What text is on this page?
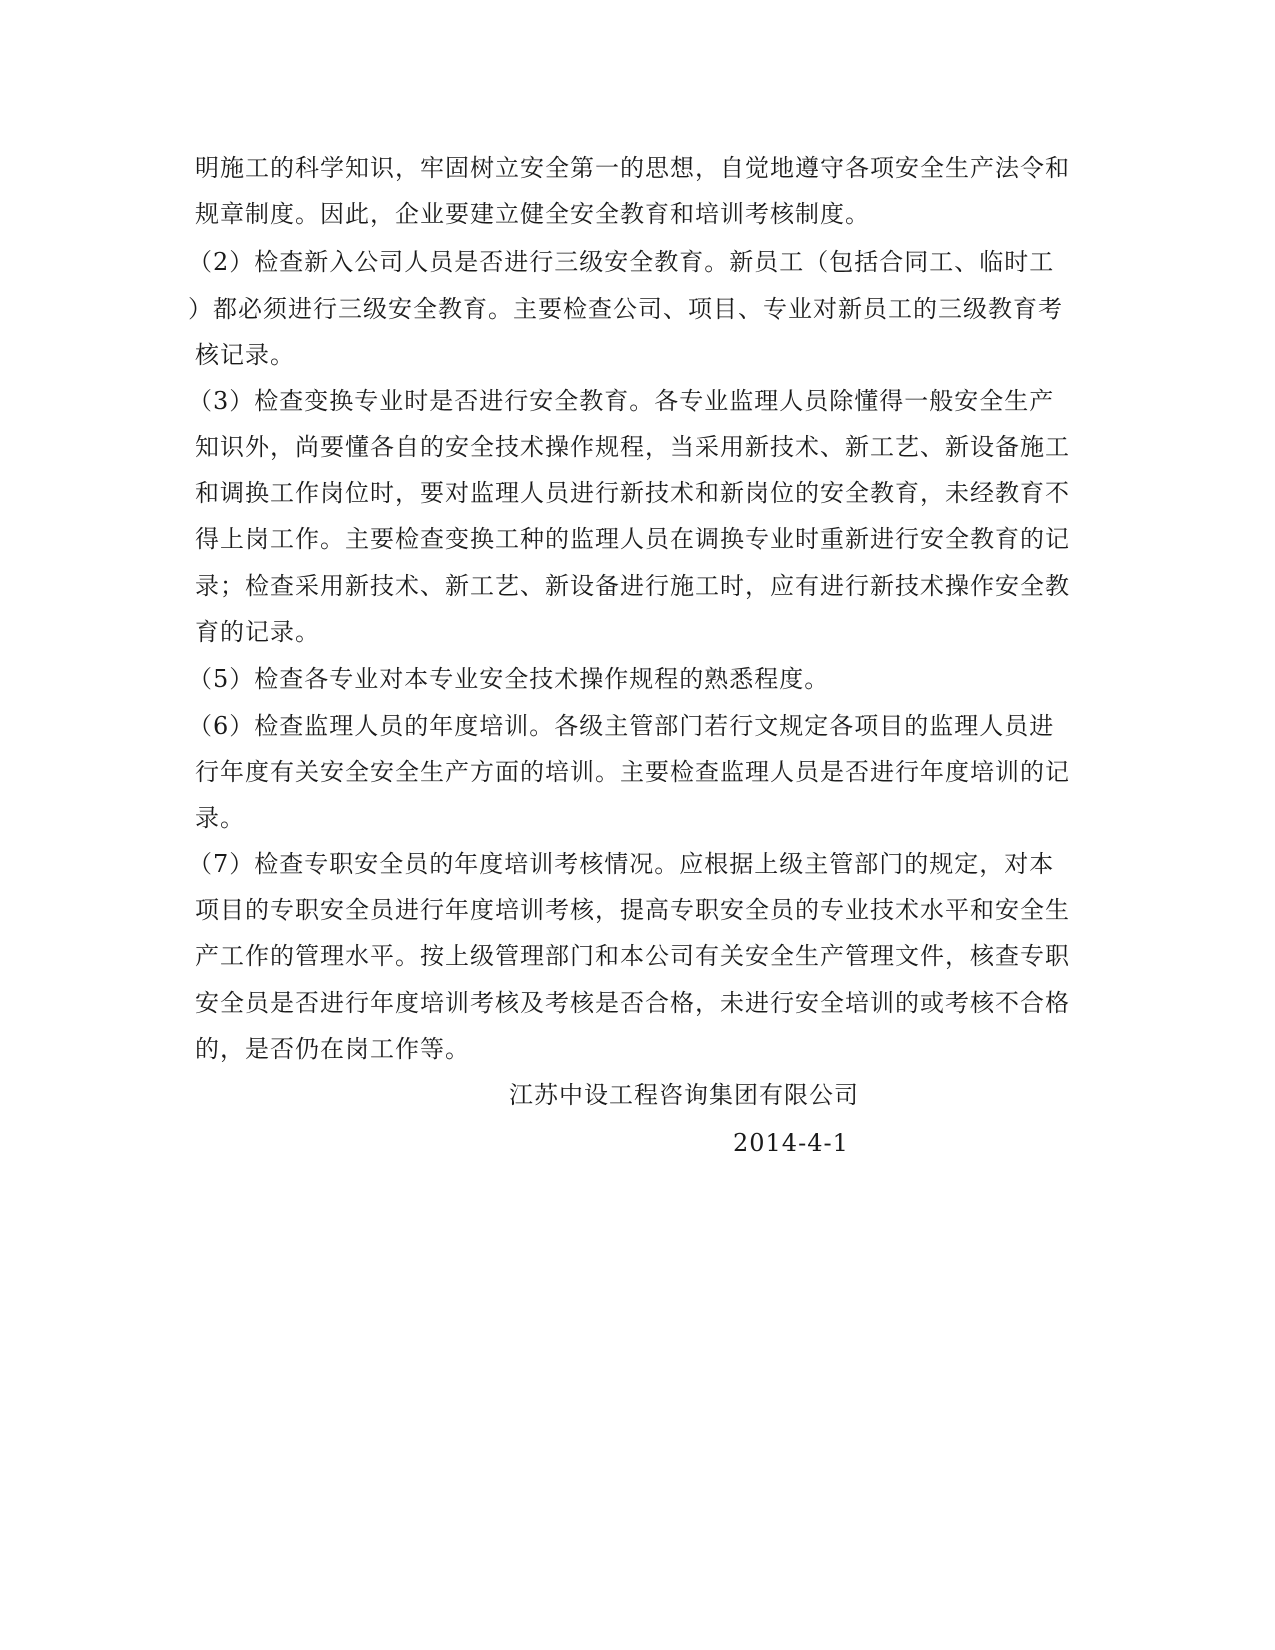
明施工的科学知识，牢固树立安全第一的思想，自觉地遵守各项安全生产法令和
规章制度。因此，企业要建立健全安全教育和培训考核制度。
（2）检查新入公司人员是否进行三级安全教育。新员工（包括合同工、临时工
）都必须进行三级安全教育。主要检查公司、项目、专业对新员工的三级教育考
核记录。
（3）检查变换专业时是否进行安全教育。各专业监理人员除懂得一般安全生产
知识外，尚要懂各自的安全技术操作规程，当采用新技术、新工艺、新设备施工
和调换工作岗位时，要对监理人员进行新技术和新岗位的安全教育，未经教育不
得上岗工作。主要检查变换工种的监理人员在调换专业时重新进行安全教育的记
录；检查采用新技术、新工艺、新设备进行施工时，应有进行新技术操作安全教
育的记录。
（5）检查各专业对本专业安全技术操作规程的熟悉程度。
（6）检查监理人员的年度培训。各级主管部门若行文规定各项目的监理人员进
行年度有关安全安全生产方面的培训。主要检查监理人员是否进行年度培训的记
录。
（7）检查专职安全员的年度培训考核情况。应根据上级主管部门的规定，对本
项目的专职安全员进行年度培训考核，提高专职安全员的专业技术水平和安全生
产工作的管理水平。按上级管理部门和本公司有关安全生产管理文件，核查专职
安全员是否进行年度培训考核及考核是否合格，未进行安全培训的或考核不合格
的，是否仍在岗工作等。
江苏中设工程咨询集团有限公司
2014-4-1
